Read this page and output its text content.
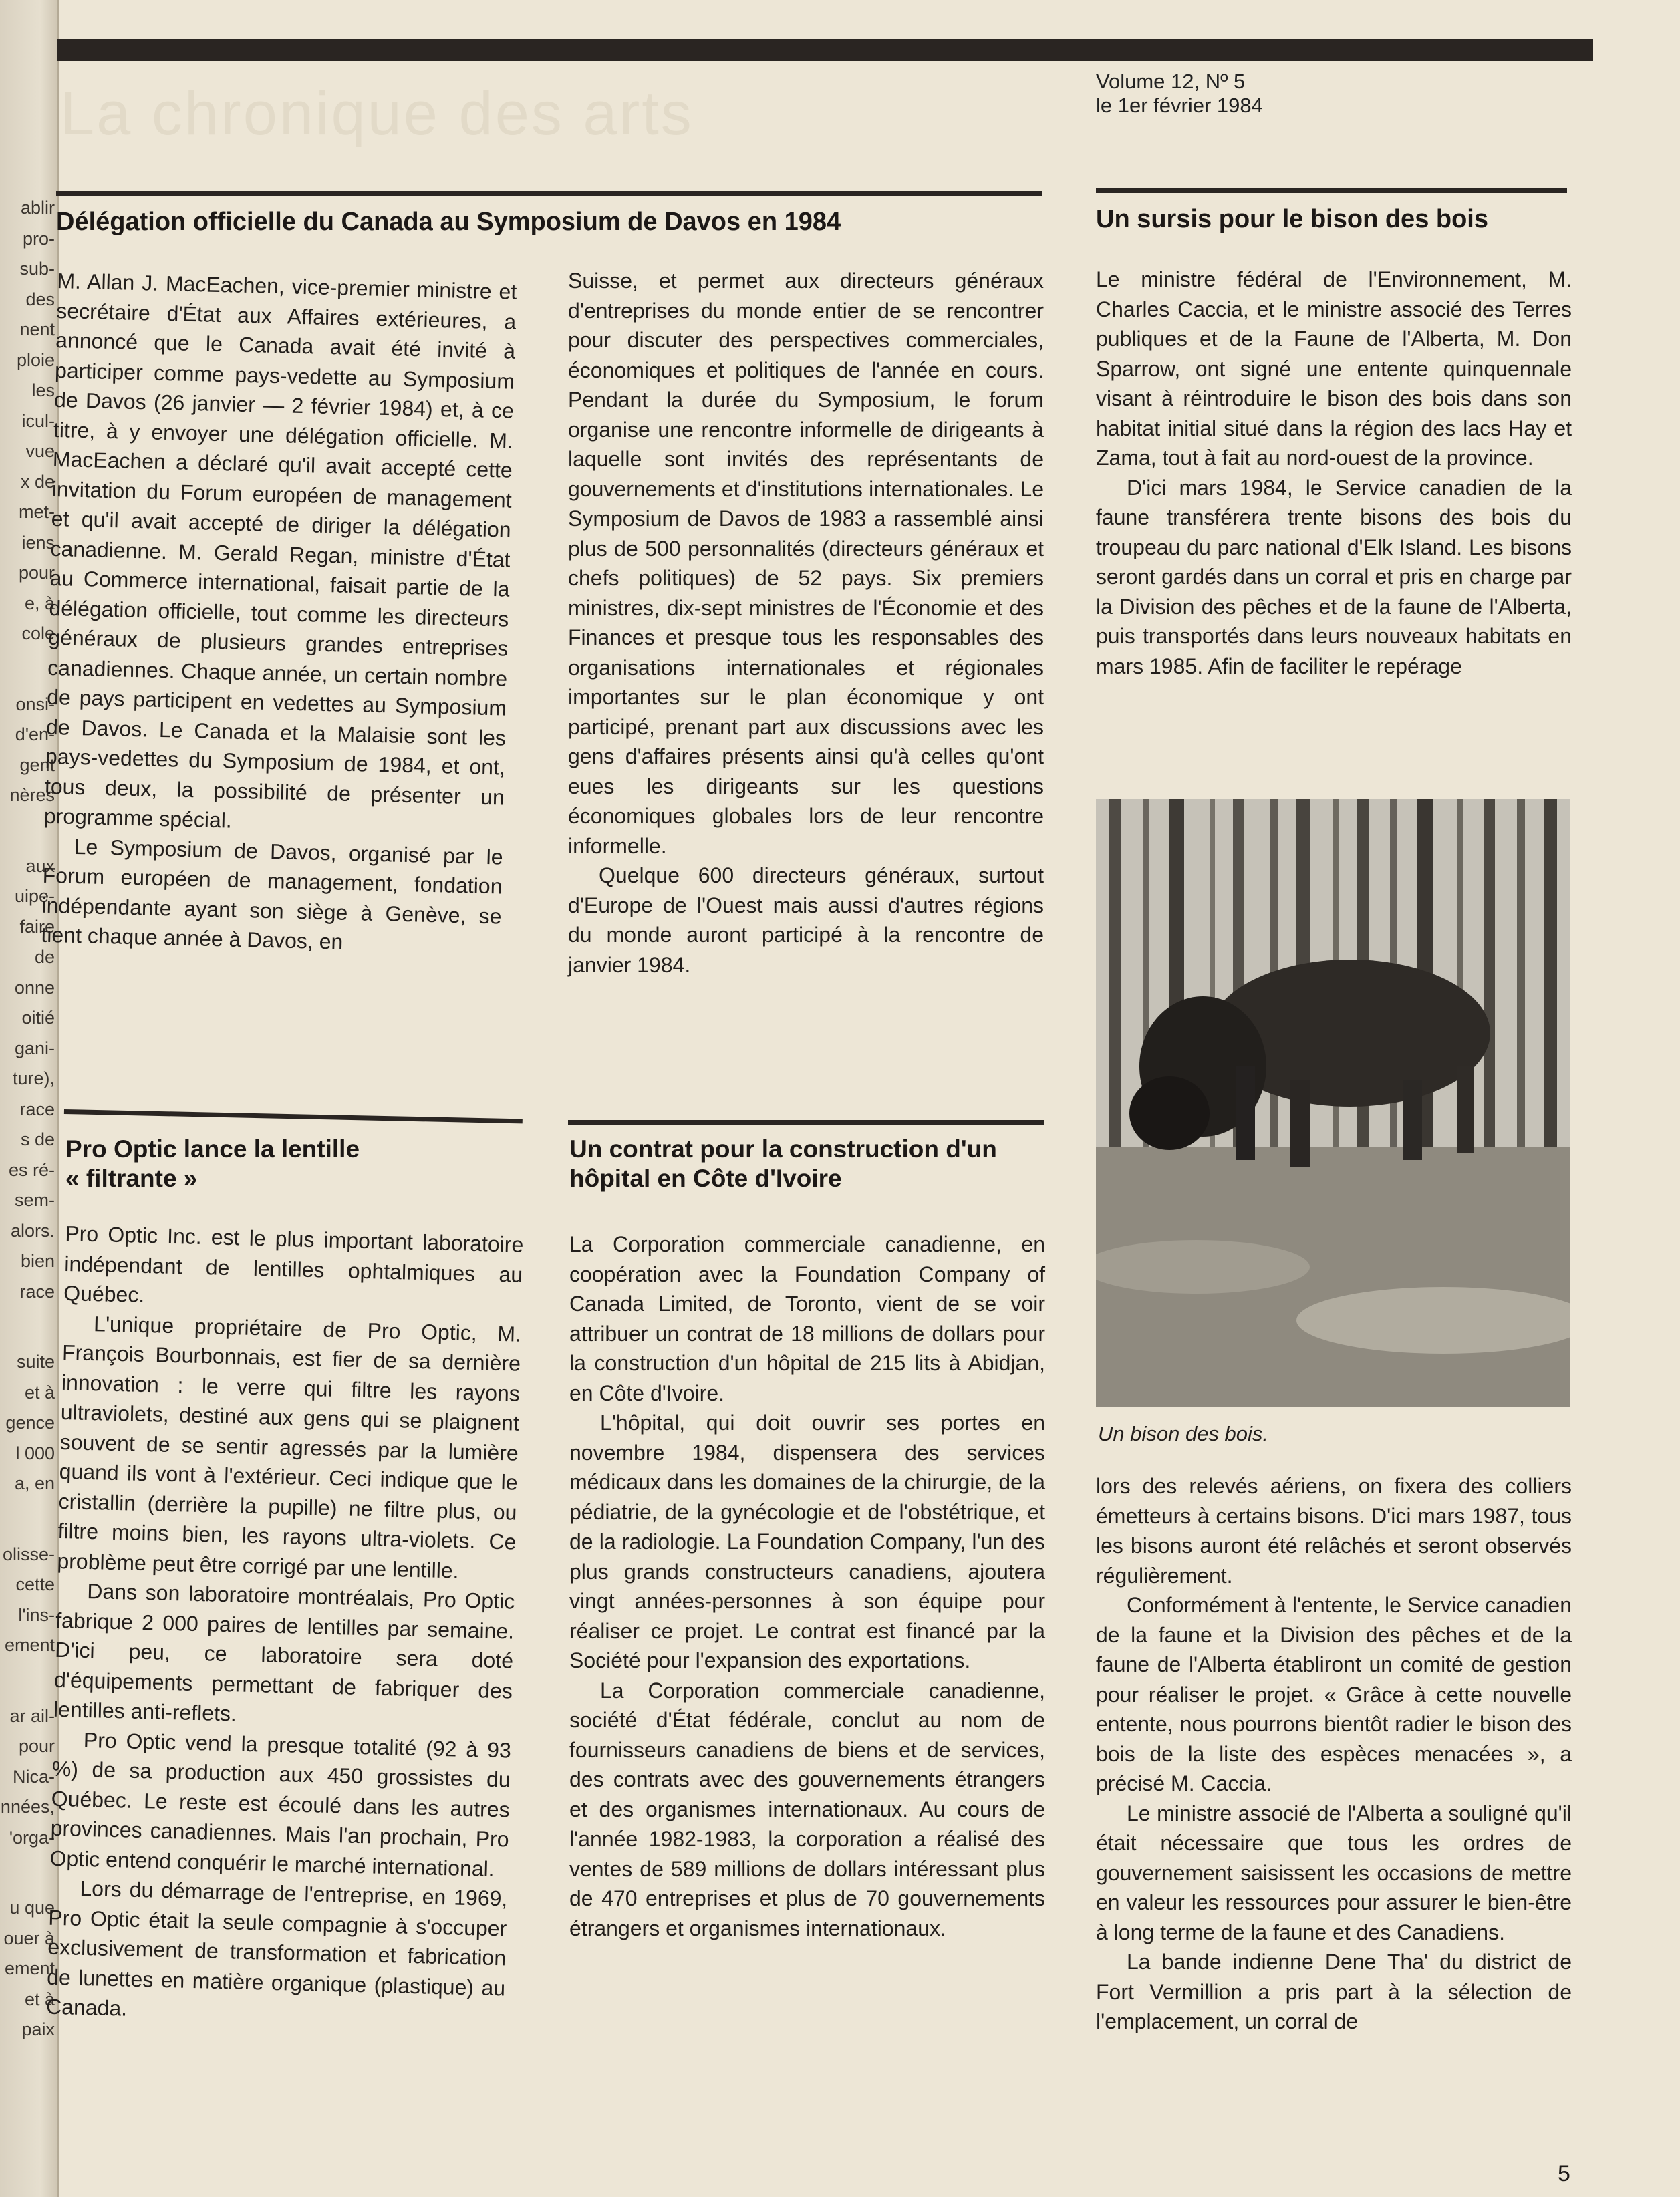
ablir
pro-
sub-
des
nent
ploie
les
icul-
vue
x de
met-
iens
pour
e, à
cole
onsi-
d'en-
gent
nères
aux
uipe-
faire
de
onne
oitié
gani-
ture),
race
s de
es ré-
sem-
alors.
bien
race
suite
et à
gence
l 000
a, en
olisse-
cette
l'ins-
ement
ar ail-
pour
Nica-
nnées,
'orga-
u que
ouer à
ement
et à
paix
La chronique des arts	Volume 12, Nº 5
le 1er février 1984
Délégation officielle du Canada au Symposium de Davos en 1984

M. Allan J. MacEachen, vice-premier ministre et secrétaire d'État aux Affaires extérieures, a annoncé que le Canada avait été invité à participer comme pays-vedette au Symposium de Davos (26 janvier — 2 février 1984) et, à ce titre, à y envoyer une délégation officielle. M. MacEachen a déclaré qu'il avait accepté cette invitation du Forum européen de management et qu'il avait accepté de diriger la délégation canadienne. M. Gerald Regan, ministre d'État au Commerce international, faisait partie de la délégation officielle, tout comme les directeurs généraux de plusieurs grandes entreprises canadiennes. Chaque année, un certain nombre de pays participent en vedettes au Symposium de Davos. Le Canada et la Malaisie sont les pays-vedettes du Symposium de 1984, et ont, tous deux, la possibilité de présenter un programme spécial.

Le Symposium de Davos, organisé par le Forum européen de management, fondation indépendante ayant son siège à Genève, se tient chaque année à Davos, en

Suisse, et permet aux directeurs généraux d'entreprises du monde entier de se rencontrer pour discuter des perspectives commerciales, économiques et politiques de l'année en cours. Pendant la durée du Symposium, le forum organise une rencontre informelle de dirigeants à laquelle sont invités des représentants de gouvernements et d'institutions internationales. Le Symposium de Davos de 1983 a rassemblé ainsi plus de 500 personnalités (directeurs généraux et chefs politiques) de 52 pays. Six premiers ministres, dix-sept ministres de l'Économie et des Finances et presque tous les responsables des organisations internationales et régionales importantes sur le plan économique y ont participé, prenant part aux discussions avec les gens d'affaires présents ainsi qu'à celles qu'ont eues les dirigeants sur les questions économiques globales lors de leur rencontre informelle.

Quelque 600 directeurs généraux, surtout d'Europe de l'Ouest mais aussi d'autres régions du monde auront participé à la rencontre de janvier 1984.

Un sursis pour le bison des bois

Le ministre fédéral de l'Environnement, M. Charles Caccia, et le ministre associé des Terres publiques et de la Faune de l'Alberta, M. Don Sparrow, ont signé une entente quinquennale visant à réintroduire le bison des bois dans son habitat initial situé dans la région des lacs Hay et Zama, tout à fait au nord-ouest de la province.

D'ici mars 1984, le Service canadien de la faune transférera trente bisons des bois du troupeau du parc national d'Elk Island. Les bisons seront gardés dans un corral et pris en charge par la Division des pêches et de la faune de l'Alberta, puis transportés dans leurs nouveaux habitats en mars 1985. Afin de faciliter le repérage

Un bison des bois.

lors des relevés aériens, on fixera des colliers émetteurs à certains bisons. D'ici mars 1987, tous les bisons auront été relâchés et seront observés régulièrement.

Conformément à l'entente, le Service canadien de la faune et la Division des pêches et de la faune de l'Alberta établiront un comité de gestion pour réaliser le projet. « Grâce à cette nouvelle entente, nous pourrons bientôt radier le bison des bois de la liste des espèces menacées », a précisé M. Caccia.

Le ministre associé de l'Alberta a souligné qu'il était nécessaire que tous les ordres de gouvernement saisissent les occasions de mettre en valeur les ressources pour assurer le bien-être à long terme de la faune et des Canadiens.

La bande indienne Dene Tha' du district de Fort Vermillion a pris part à la sélection de l'emplacement, un corral de

Pro Optic lance la lentille
« filtrante »

Pro Optic Inc. est le plus important laboratoire indépendant de lentilles ophtalmiques au Québec.

L'unique propriétaire de Pro Optic, M. François Bourbonnais, est fier de sa dernière innovation : le verre qui filtre les rayons ultraviolets, destiné aux gens qui se plaignent souvent de se sentir agressés par la lumière quand ils vont à l'extérieur. Ceci indique que le cristallin (derrière la pupille) ne filtre plus, ou filtre moins bien, les rayons ultra-violets. Ce problème peut être corrigé par une lentille.

Dans son laboratoire montréalais, Pro Optic fabrique 2 000 paires de lentilles par semaine. D'ici peu, ce laboratoire sera doté d'équipements permettant de fabriquer des lentilles anti-reflets.

Pro Optic vend la presque totalité (92 à 93 %) de sa production aux 450 grossistes du Québec. Le reste est écoulé dans les autres provinces canadiennes. Mais l'an prochain, Pro Optic entend conquérir le marché international.

Lors du démarrage de l'entreprise, en 1969, Pro Optic était la seule compagnie à s'occuper exclusivement de transformation et fabrication de lunettes en matière organique (plastique) au Canada.

Un contrat pour la construction d'un
hôpital en Côte d'Ivoire

La Corporation commerciale canadienne, en coopération avec la Foundation Company of Canada Limited, de Toronto, vient de se voir attribuer un contrat de 18 millions de dollars pour la construction d'un hôpital de 215 lits à Abidjan, en Côte d'Ivoire.

L'hôpital, qui doit ouvrir ses portes en novembre 1984, dispensera des services médicaux dans les domaines de la chirurgie, de la pédiatrie, de la gynécologie et de l'obstétrique, et de la radiologie. La Foundation Company, l'un des plus grands constructeurs canadiens, ajoutera vingt années-personnes à son équipe pour réaliser ce projet. Le contrat est financé par la Société pour l'expansion des exportations.

La Corporation commerciale canadienne, société d'État fédérale, conclut au nom de fournisseurs canadiens de biens et de services, des contrats avec des gouvernements étrangers et des organismes internationaux. Au cours de l'année 1982-1983, la corporation a réalisé des ventes de 589 millions de dollars intéressant plus de 470 entreprises et plus de 70 gouvernements étrangers et organismes internationaux.

5
